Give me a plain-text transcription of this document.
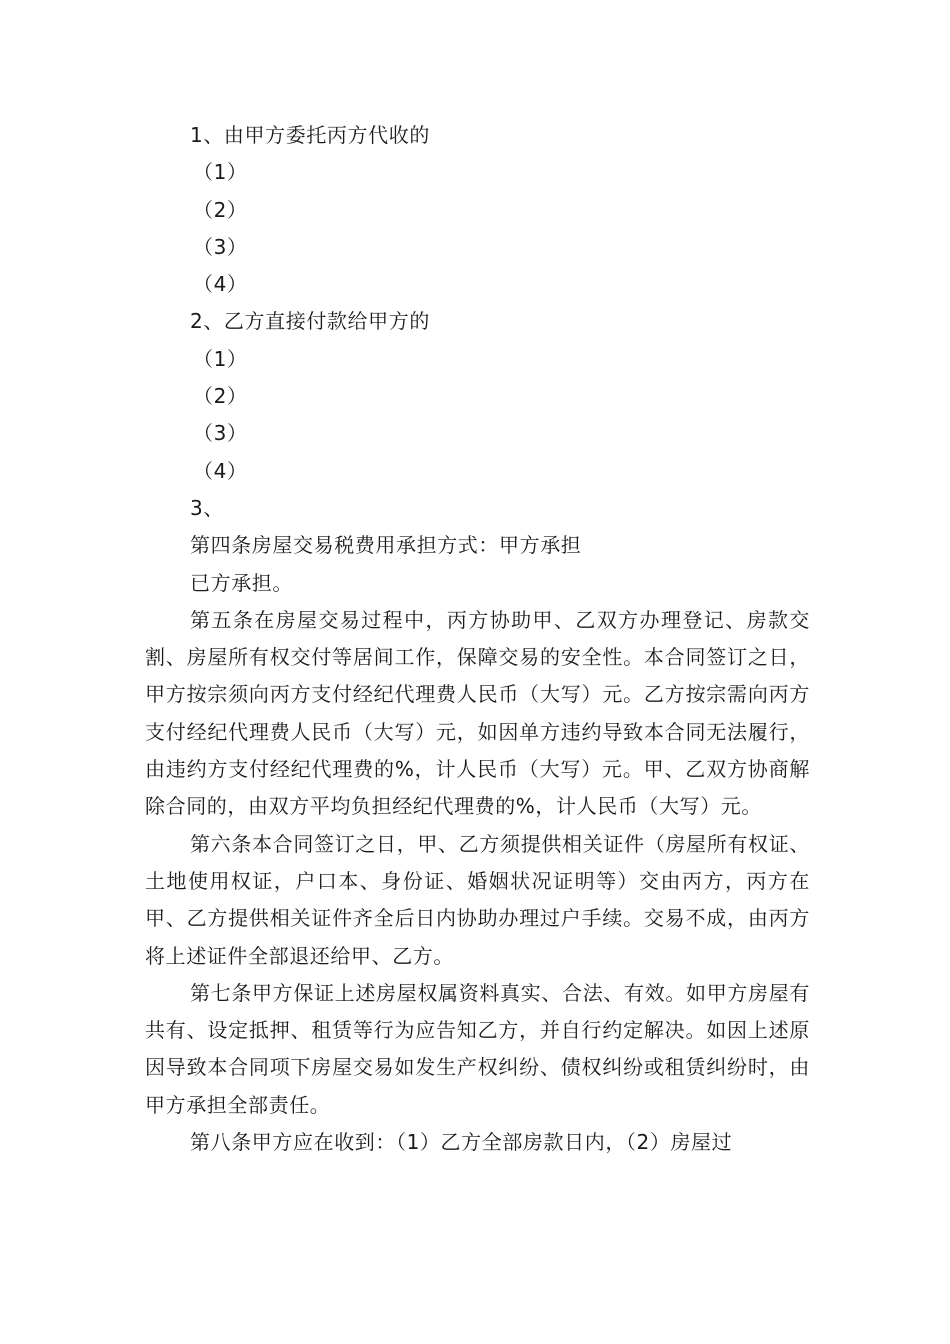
1、由甲方委托丙方代收的

（1）

（2）

（3）

（4）

2、乙方直接付款给甲方的

（1）

（2）

（3）

（4）

3、

第四条房屋交易税费用承担方式：甲方承担

已方承担。

第五条在房屋交易过程中，丙方协助甲、乙双方办理登记、房款交割、房屋所有权交付等居间工作，保障交易的安全性。本合同签订之日，甲方按宗须向丙方支付经纪代理费人民币（大写）元。乙方按宗需向丙方支付经纪代理费人民币（大写）元，如因单方违约导致本合同无法履行，由违约方支付经纪代理费的%，计人民币（大写）元。甲、乙双方协商解除合同的，由双方平均负担经纪代理费的%，计人民币（大写）元。

第六条本合同签订之日，甲、乙方须提供相关证件（房屋所有权证、土地使用权证，户口本、身份证、婚姻状况证明等）交由丙方，丙方在甲、乙方提供相关证件齐全后日内协助办理过户手续。交易不成，由丙方将上述证件全部退还给甲、乙方。

第七条甲方保证上述房屋权属资料真实、合法、有效。如甲方房屋有共有、设定抵押、租赁等行为应告知乙方，并自行约定解决。如因上述原因导致本合同项下房屋交易如发生产权纠纷、债权纠纷或租赁纠纷时，由甲方承担全部责任。

第八条甲方应在收到：（1）乙方全部房款日内，（2）房屋过
